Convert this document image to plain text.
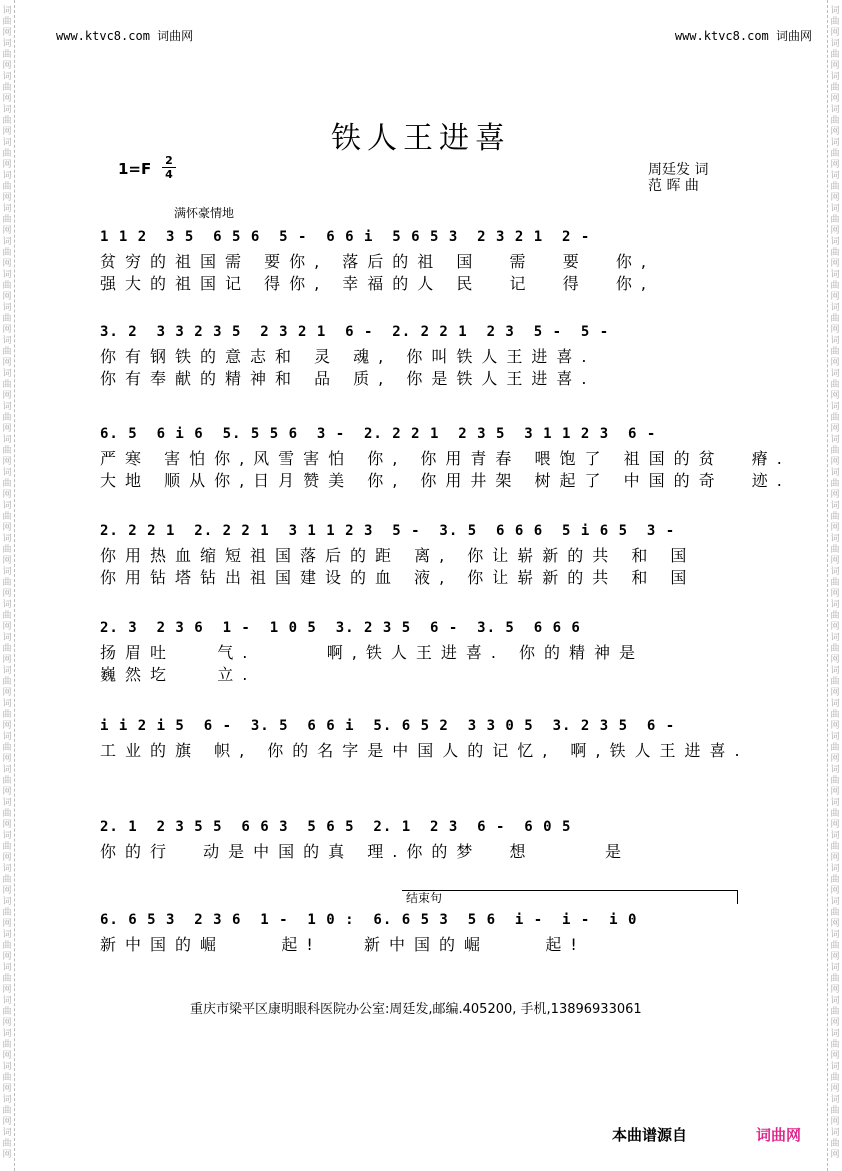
词
曲
网
词
曲
网
词
曲
网
词
曲
网
词
曲
网
词
曲
网
词
曲
网
词
曲
网
词
曲
网
词
曲
网
词
曲
网
词
曲
网
词
曲
网
词
曲
网
词
曲
网
词
曲
网
词
曲
网
词
曲
网
词
曲
网
词
曲
网
词
曲
网
词
曲
网
词
曲
网
词
曲
网
词
曲
网
词
曲
网
词
曲
网
词
曲
网
词
曲
网
词
曲
网
词
曲
网
词
曲
网
词
曲
网
词
曲
网
词
曲
网
词
曲
网
词
曲
网
词
曲
网
词
曲
网
词
曲
网
词
曲
网
词
曲
网
词
曲
网
词
曲
网
词
曲
网
词
曲
网
词
曲
网
词
曲
网
词
曲
网
词
曲
网
词
曲
网
词
曲
网
词
曲
网
词
曲
网
词
曲
网
词
曲
网
词
曲
网
词
曲
网
词
曲
网
词
曲
网
词
曲
网
词
曲
网
词
曲
网
词
曲
网
词
曲
网
词
曲
网
词
曲
网
词
曲
网
词
曲
网
词
曲
网
www.ktvc8.com 词曲网	www.ktvc8.com 词曲网
铁人王进喜
1=F 2
4	周廷发 词
范 晖 曲
满怀豪情地
1 1 2  3 5  6 5 6  5 -  6 6 i  5 6 5 3  2 3 2 1  2 -
贫穷的祖国需 要你, 落后的祖 国  需  要  你,
强大的祖国记 得你, 幸福的人 民  记  得  你,
3. 2  3 3 2 3 5  2 3 2 1  6 -  2. 2 2 1  2 3  5 -  5 -
你有钢铁的意志和 灵 魂, 你叫铁人王进喜.
你有奉献的精神和 品 质, 你是铁人王进喜.
6. 5  6 i 6  5. 5 5 6  3 -  2. 2 2 1  2 3 5  3 1 1 2 3  6 -
严寒 害怕你,风雪害怕 你, 你用青春 喂饱了 祖国的贫  瘠.
大地 顺从你,日月赞美 你, 你用井架 树起了 中国的奇  迹.
2. 2 2 1  2. 2 2 1  3 1 1 2 3  5 -  3. 5  6 6 6  5 i 6 5  3 -
你用热血缩短祖国落后的距 离, 你让崭新的共 和 国
你用钻塔钻出祖国建设的血 液, 你让崭新的共 和 国
2. 3  2 3 6  1 -  1 0 5  3. 2 3 5  6 -  3. 5  6 6 6
扬眉吐   气.     啊,铁人王进喜. 你的精神是
巍然圪   立.
i i 2 i 5  6 -  3. 5  6 6 i  5. 6 5 2  3 3 0 5  3. 2 3 5  6 -
工业的旗 帜, 你的名字是中国人的记忆, 啊,铁人王进喜.
2. 1  2 3 5 5  6 6 3  5 6 5  2. 1  2 3  6 -  6 0 5
你的行  动是中国的真 理.你的梦  想     是
结束句
6. 6 5 3  2 3 6  1 -  1 0 :  6. 6 5 3  5 6  i -  i -  i 0
新中国的崛    起!   新中国的崛    起!
重庆市梁平区康明眼科医院办公室:周廷发,邮编.405200, 手机,13896933061
本曲谱源自	词曲网
